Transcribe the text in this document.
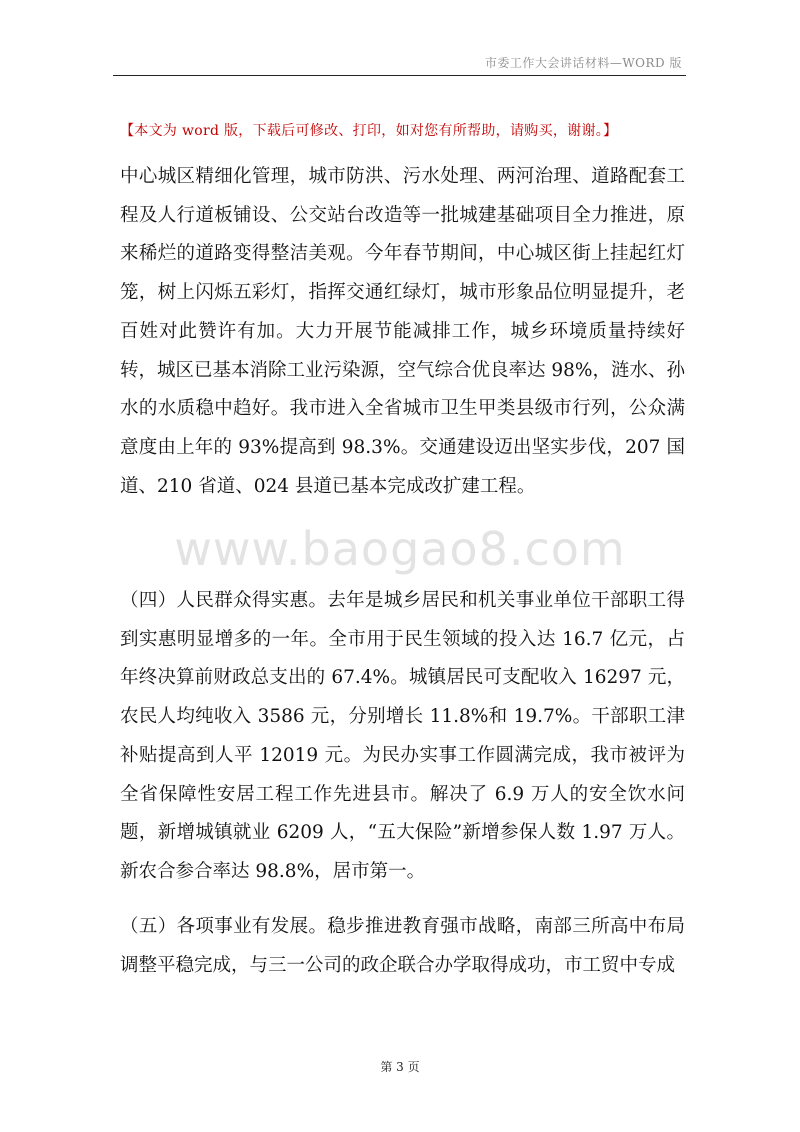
市委工作大会讲话材料—WORD 版
【本文为 word 版，下载后可修改、打印，如对您有所帮助，请购买，谢谢。】

中心城区精细化管理，城市防洪、污水处理、两河治理、道路配套工程及人行道板铺设、公交站台改造等一批城建基础项目全力推进，原来稀烂的道路变得整洁美观。今年春节期间，中心城区街上挂起红灯笼，树上闪烁五彩灯，指挥交通红绿灯，城市形象品位明显提升，老百姓对此赞许有加。大力开展节能减排工作，城乡环境质量持续好转，城区已基本消除工业污染源，空气综合优良率达 98%，涟水、孙水的水质稳中趋好。我市进入全省城市卫生甲类县级市行列，公众满意度由上年的 93%提高到 98.3%。交通建设迈出坚实步伐，207 国道、210 省道、024 县道已基本完成改扩建工程。

www.baogao8.com

（四）人民群众得实惠。去年是城乡居民和机关事业单位干部职工得到实惠明显增多的一年。全市用于民生领域的投入达 16.7 亿元，占年终决算前财政总支出的 67.4%。城镇居民可支配收入 16297 元，农民人均纯收入 3586 元，分别增长 11.8%和 19.7%。干部职工津补贴提高到人平 12019 元。为民办实事工作圆满完成，我市被评为全省保障性安居工程工作先进县市。解决了 6.9 万人的安全饮水问题，新增城镇就业 6209 人，“五大保险”新增参保人数 1.97 万人。新农合参合率达 98.8%，居市第一。

（五）各项事业有发展。稳步推进教育强市战略，南部三所高中布局调整平稳完成，与三一公司的政企联合办学取得成功，市工贸中专成

第 3 页
